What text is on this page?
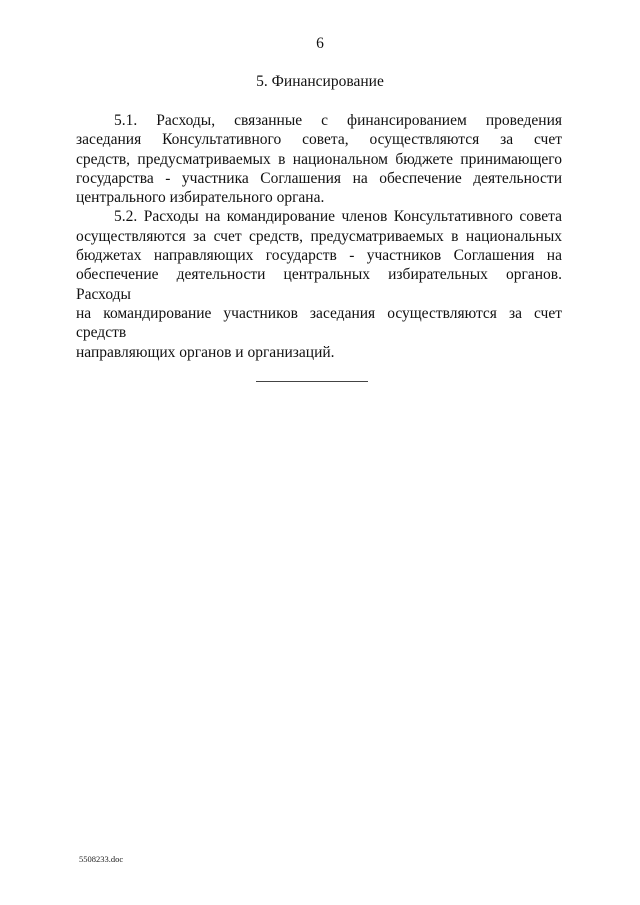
6
5. Финансирование

5.1. Расходы, связанные с финансированием проведения
заседания Консультативного совета, осуществляются за счет
средств, предусматриваемых в национальном бюджете принимающего
государства - участника Соглашения на обеспечение деятельности
центрального избирательного органа.

5.2. Расходы на командирование членов Консультативного совета
осуществляются за счет средств, предусматриваемых в национальных
бюджетах направляющих государств - участников Соглашения на
обеспечение деятельности центральных избирательных органов. Расходы
на командирование участников заседания осуществляются за счет средств
направляющих органов и организаций.

5508233.doc
